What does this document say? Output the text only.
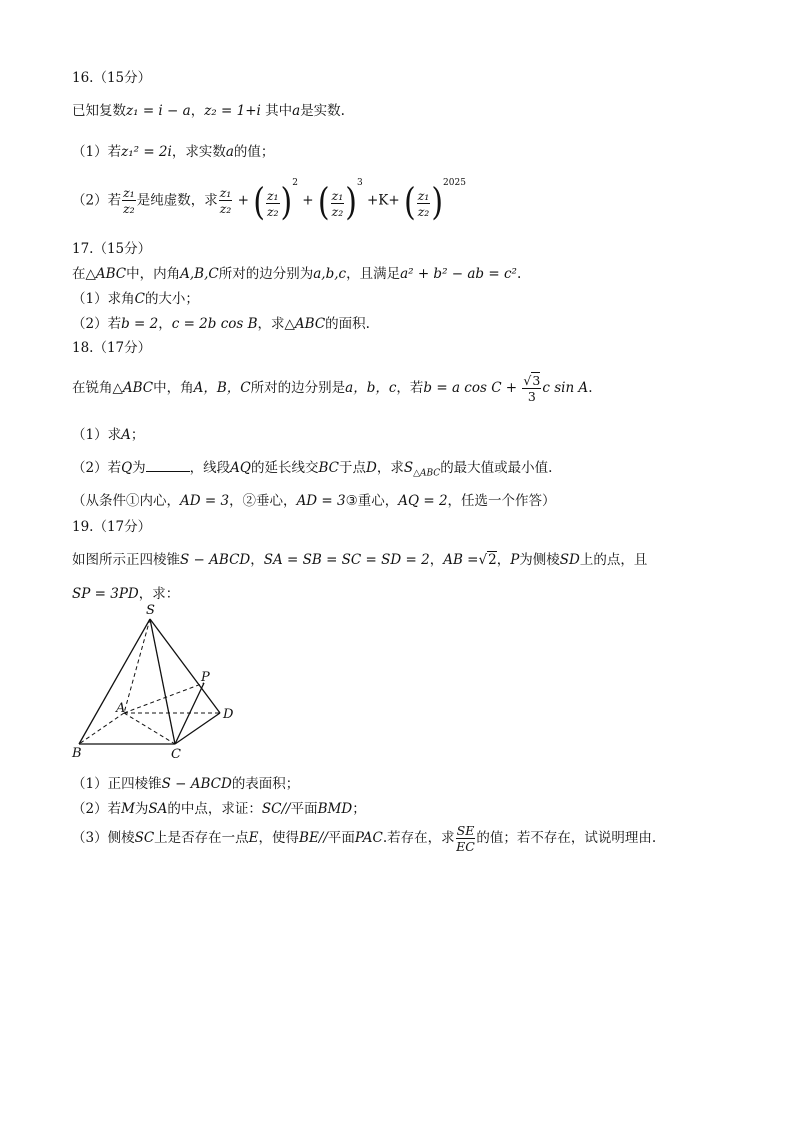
16.（15分）
已知复数z₁ = i − a，z₂ = 1+i 其中a是实数.
（1）若z₁² = 2i，求实数a的值；
（2）若 $\frac{\text{z₁}}{\text{z₂}}$ 是纯虚数，求 $\frac{\text{z₁}}{\text{z₂}}$ + ( $\frac{\text{z₁}}{\text{z₂}} )^2$ + ( $\frac{\text{z₁}}{\text{z₂}} )^3 +K+$ ( $\frac{\text{z₁}}{\text{z₂}} )^{2025}$
17.（15分）
在△ABC中，内角A,B,C所对的边分别为a,b,c，且满足a² + b² − ab = c².
（1）求角C的大小；
（2）若b = 2，c = 2b cos B，求△ABC的面积.
18.（17分）
在锐角△ABC中，角A，B，C所对的边分别是a，b，c，若b = a $\cos C + \frac{√3}{3}$ c sin A.
（1）求A；
（2）若Q为	，线段AQ的延长线交BC于点D，求$S_{\triangle ABC}$的最大值或最小值.
（从条件①内心，AD = 3，②垂心，AD = 3③重心，AQ = 2，任选一个作答）
19.（17分）
如图所示正四棱锥S − ABCD，SA = SB = SC = SD = 2，AB =√2，P为侧棱SD上的点，且
SP = 3PD，求：
S
P
A	D
B	C
（1）正四棱锥S − ABCD的表面积；
（2）若M为SA的中点，求证：SC//平面BMD；
（3）侧棱SC上是否存在一点E，使得BE//平面PAC.若存在，求 $\frac{SE}{EC}$ 的值；若不存在，试说明理由.
